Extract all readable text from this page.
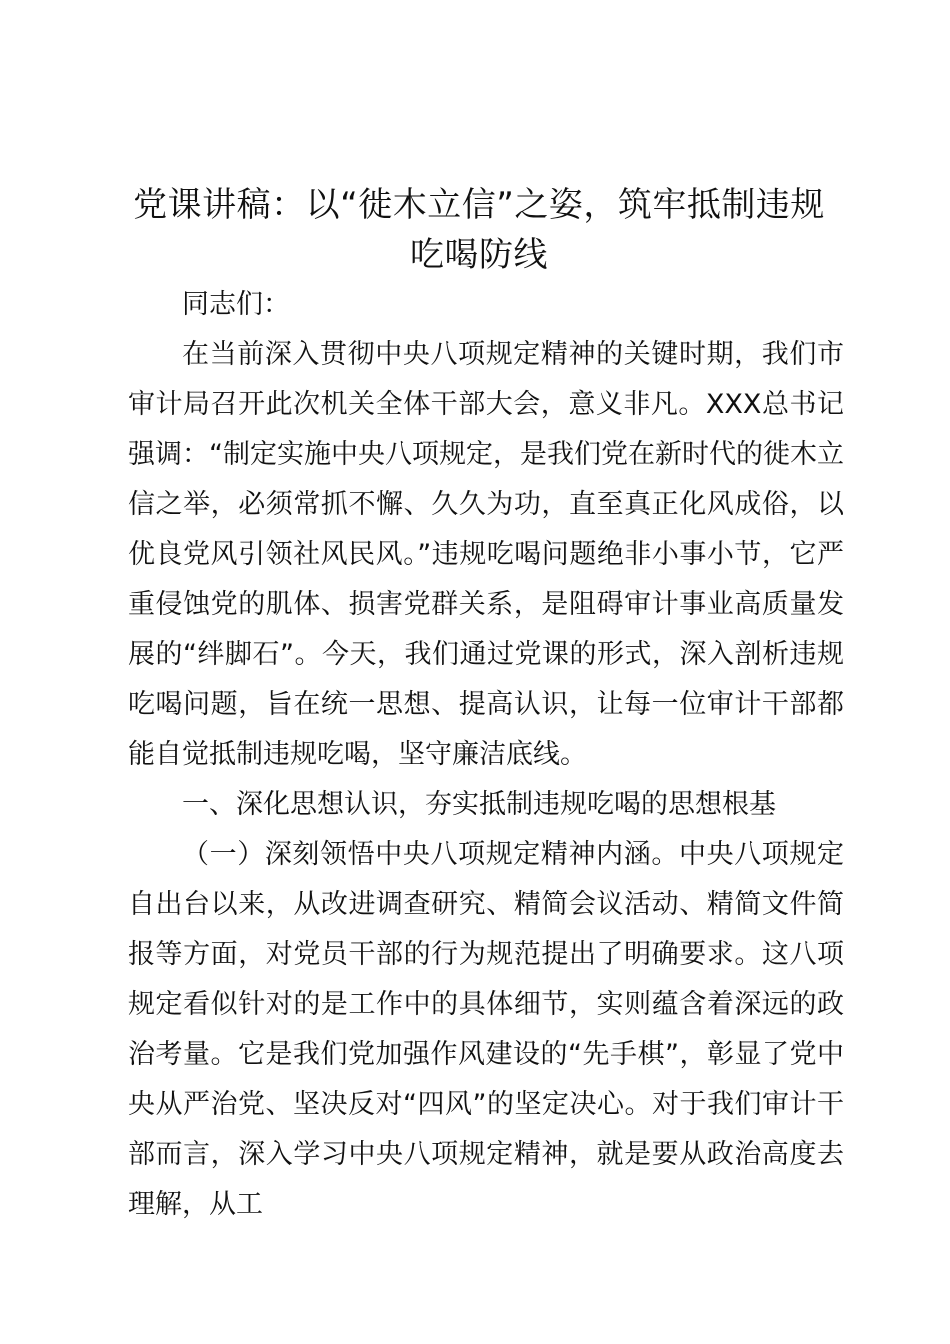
党课讲稿：以“徙木立信”之姿，筑牢抵制违规吃喝防线

同志们：

在当前深入贯彻中央八项规定精神的关键时期，我们市审计局召开此次机关全体干部大会，意义非凡。XXX总书记强调：“制定实施中央八项规定，是我们党在新时代的徙木立信之举，必须常抓不懈、久久为功，直至真正化风成俗，以优良党风引领社风民风。”违规吃喝问题绝非小事小节，它严重侵蚀党的肌体、损害党群关系，是阻碍审计事业高质量发展的“绊脚石”。今天，我们通过党课的形式，深入剖析违规吃喝问题，旨在统一思想、提高认识，让每一位审计干部都能自觉抵制违规吃喝，坚守廉洁底线。

一、深化思想认识，夯实抵制违规吃喝的思想根基

（一）深刻领悟中央八项规定精神内涵。中央八项规定自出台以来，从改进调查研究、精简会议活动、精简文件简报等方面，对党员干部的行为规范提出了明确要求。这八项规定看似针对的是工作中的具体细节，实则蕴含着深远的政治考量。它是我们党加强作风建设的“先手棋”，彰显了党中央从严治党、坚决反对“四风”的坚定决心。对于我们审计干部而言，深入学习中央八项规定精神，就是要从政治高度去理解，从工
